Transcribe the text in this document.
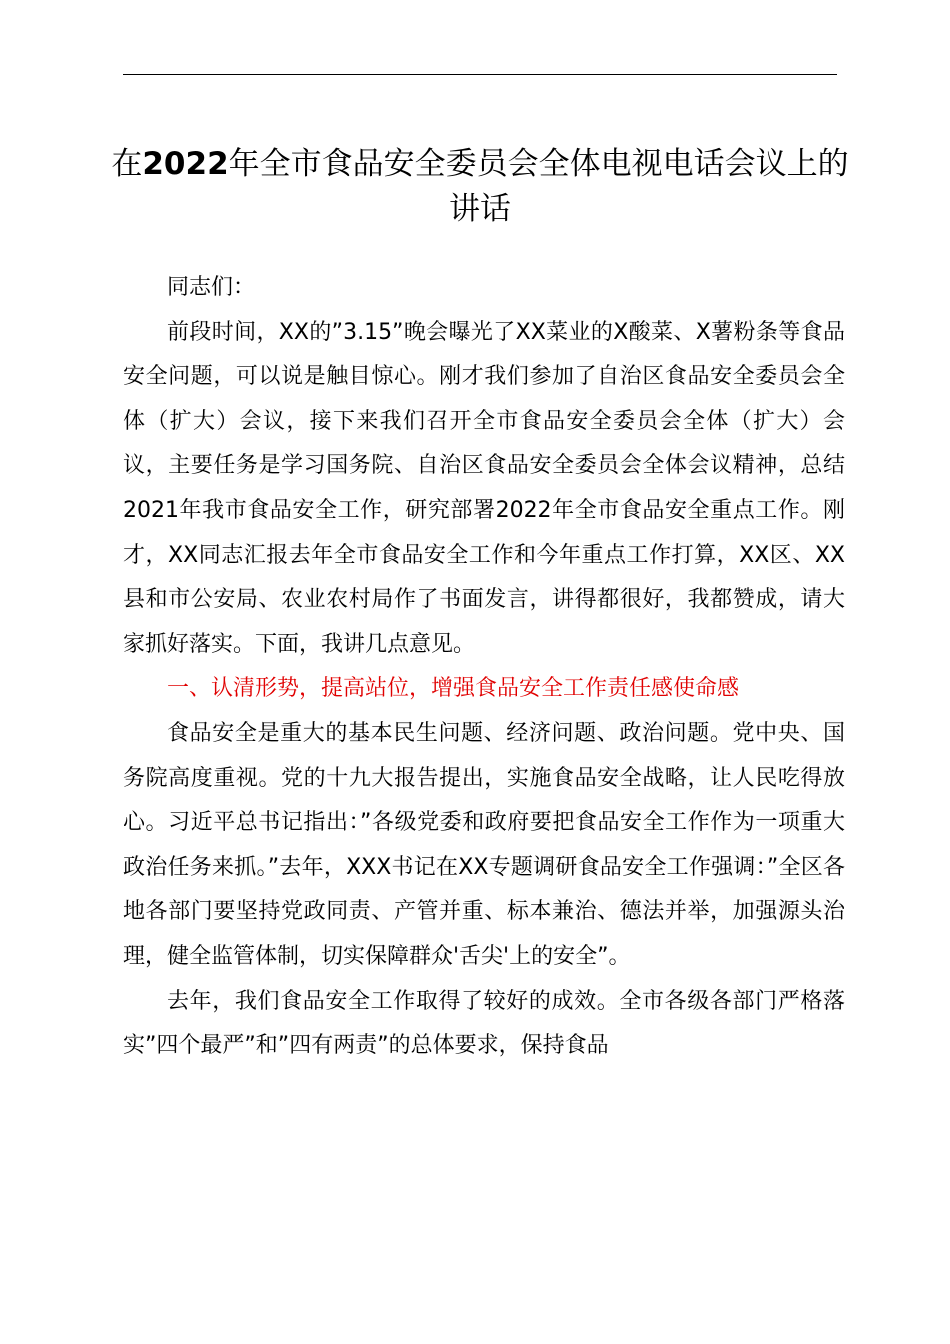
在2022年全市食品安全委员会全体电视电话会议上的讲话

同志们：

前段时间，XX的”3.15”晚会曝光了XX菜业的X酸菜、X薯粉条等食品安全问题，可以说是触目惊心。刚才我们参加了自治区食品安全委员会全体（扩大）会议，接下来我们召开全市食品安全委员会全体（扩大）会议，主要任务是学习国务院、自治区食品安全委员会全体会议精神，总结2021年我市食品安全工作，研究部署2022年全市食品安全重点工作。刚才，XX同志汇报去年全市食品安全工作和今年重点工作打算，XX区、XX县和市公安局、农业农村局作了书面发言，讲得都很好，我都赞成，请大家抓好落实。下面，我讲几点意见。

一、认清形势，提高站位，增强食品安全工作责任感使命感

食品安全是重大的基本民生问题、经济问题、政治问题。党中央、国务院高度重视。党的十九大报告提出，实施食品安全战略，让人民吃得放心。习近平总书记指出：”各级党委和政府要把食品安全工作作为一项重大政治任务来抓。”去年，XXX书记在XX专题调研食品安全工作强调：”全区各地各部门要坚持党政同责、产管并重、标本兼治、德法并举，加强源头治理，健全监管体制，切实保障群众'舌尖'上的安全”。

去年，我们食品安全工作取得了较好的成效。全市各级各部门严格落实”四个最严”和”四有两责”的总体要求，保持食品
